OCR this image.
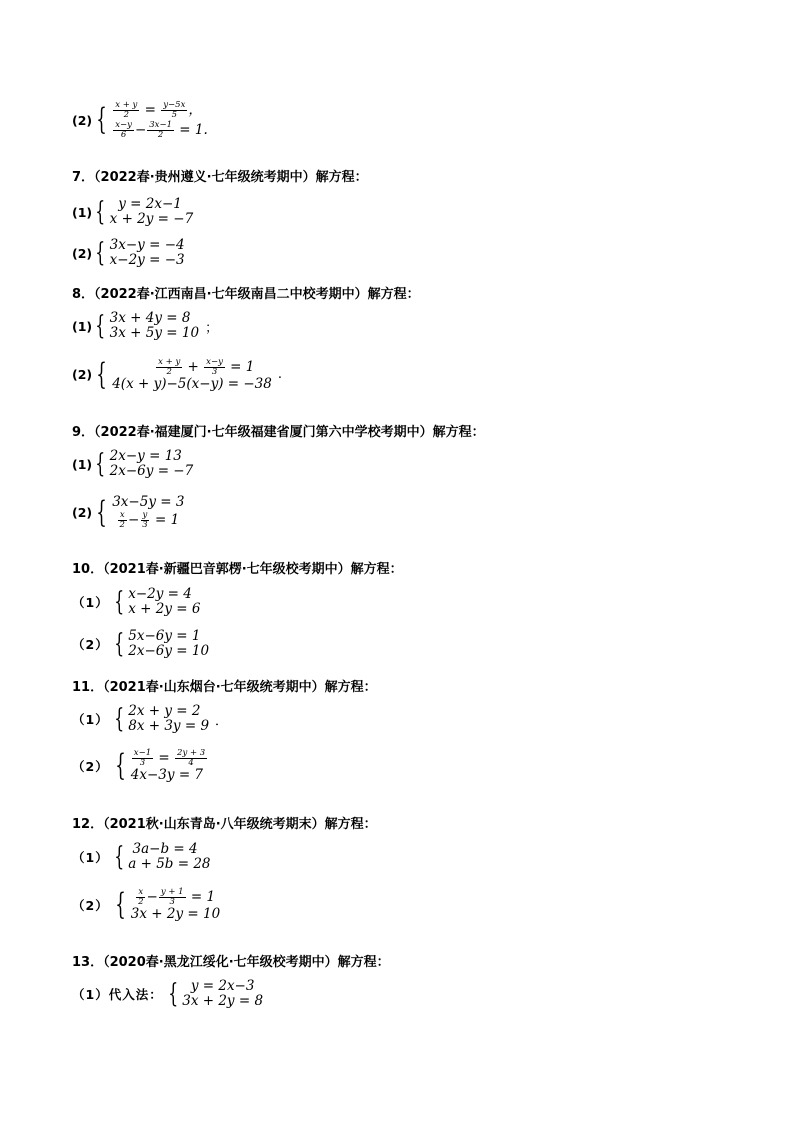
(2) { $\frac{x + y}{2} = \frac{y-5x}{5}$ ，
$\frac{x-y}{6} - \frac{3x-1}{2} = 1$.
7．（2022春·贵州遵义·七年级统考期中）解方程：
(1) { y = 2x−1
x + 2y = −7
(2) { 3x−y = −4
x−2y = −3
8．（2022春·江西南昌·七年级南昌二中校考期中）解方程：
(1) { 3x + 4y = 8
3x + 5y = 10 ；
(2) {
	$\frac{x + y}{2} + \frac{x-y}{3} = 1$
4(x + y)−5(x−y) = −38
.
9．（2022春·福建厦门·七年级福建省厦门第六中学校考期中）解方程：
(1) { 2x−y = 13
2x−6y = −7
(2) { 3x−5y = 3

$\frac{x}{2} - \frac{y}{3} = 1$
10．（2021春·新疆巴音郭楞·七年级校考期中）解方程：
（1） { x−2y = 4
x + 2y = 6
（2） { 5x−6y = 1
2x−6y = 10
11．（2021春·山东烟台·七年级统考期中）解方程：
（1） { 2x + y = 2
8x + 3y = 9 ．
（2） { $\frac{x-1}{3} = \frac{2y + 3}{4}$
4x−3y = 7
12．（2021秋·山东青岛·八年级统考期末）解方程：
（1） { 3a−b = 4
a + 5b = 28
（2） {
$\frac{x}{2} - \frac{y + 1}{3} = 1$
3x + 2y = 10
13．（2020春·黑龙江绥化·七年级校考期中）解方程：
（1）代入法： { y = 2x−3
3x + 2y = 8
